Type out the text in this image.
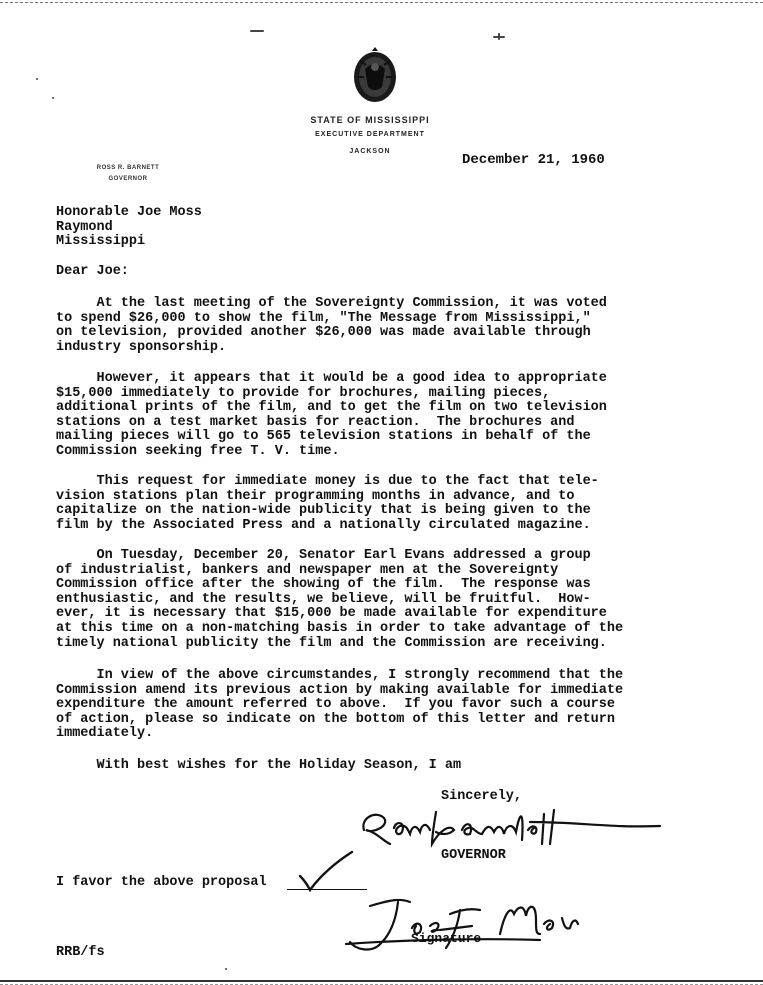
STATE OF MISSISSIPPI
EXECUTIVE DEPARTMENT
JACKSON
ROSS R. BARNETT
GOVERNOR
December 21, 1960
Honorable Joe Moss
Raymond
Mississippi
Dear Joe:

At the last meeting of the Sovereignty Commission, it was voted

to spend $26,000 to show the film, "The Message from Mississippi,"

on television, provided another $26,000 was made available through

industry sponsorship.

However, it appears that it would be a good idea to appropriate

$15,000 immediately to provide for brochures, mailing pieces,

additional prints of the film, and to get the film on two television

stations on a test market basis for reaction.  The brochures and

mailing pieces will go to 565 television stations in behalf of the

Commission seeking free T. V. time.

This request for immediate money is due to the fact that tele-

vision stations plan their programming months in advance, and to

capitalize on the nation-wide publicity that is being given to the

film by the Associated Press and a nationally circulated magazine.

On Tuesday, December 20, Senator Earl Evans addressed a group

of industrialist, bankers and newspaper men at the Sovereignty

Commission office after the showing of the film.  The response was

enthusiastic, and the results, we believe, will be fruitful.  How-

ever, it is necessary that $15,000 be made available for expenditure

at this time on a non-matching basis in order to take advantage of the

timely national publicity the film and the Commission are receiving.

In view of the above circumstandes, I strongly recommend that the

Commission amend its previous action by making available for immediate

expenditure the amount referred to above.  If you favor such a course

of action, please so indicate on the bottom of this letter and return

immediately.

With best wishes for the Holiday Season, I am
Sincerely,
GOVERNOR
I favor the above proposal
Signature
RRB/fs
